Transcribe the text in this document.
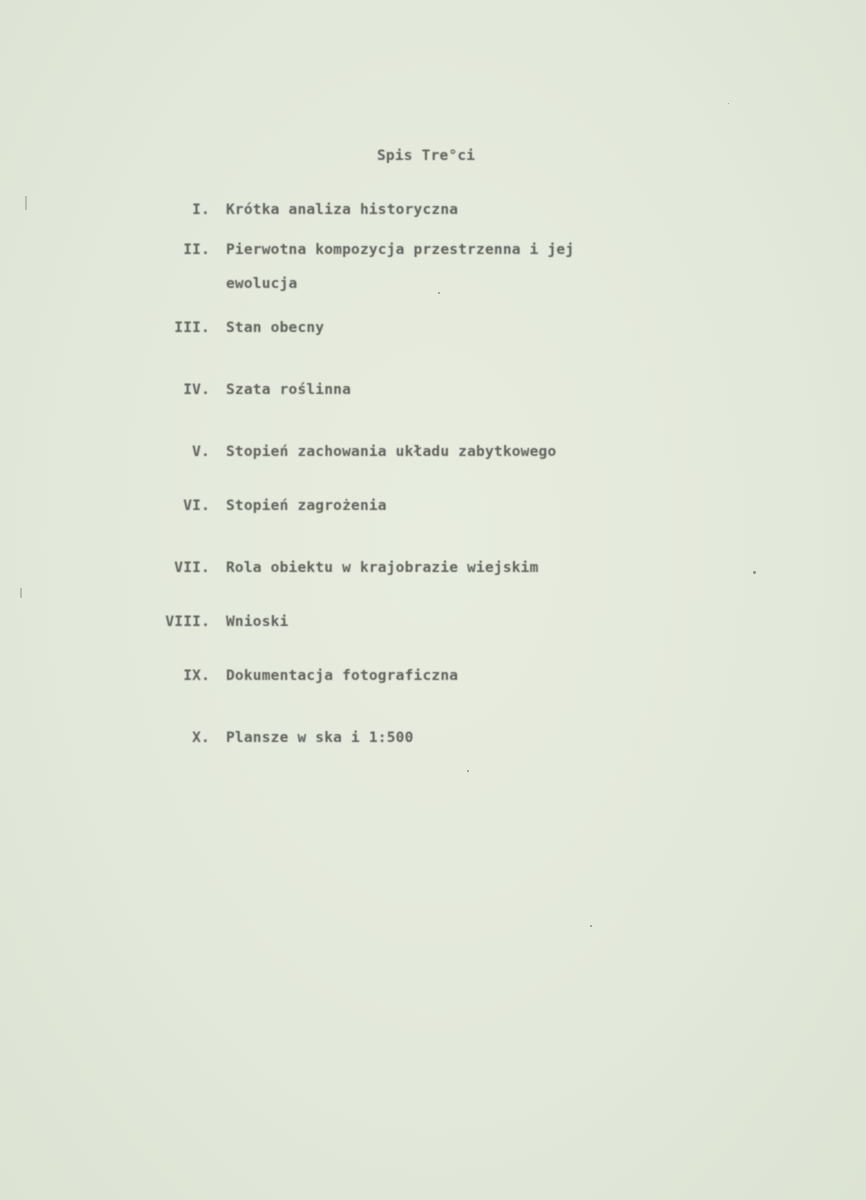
Spis Tre°ci
I. Krótka analiza historyczna
II. Pierwotna kompozycja przestrzenna i jej
ewolucja
III. Stan obecny
IV. Szata roślinna
V. Stopień zachowania układu zabytkowego
VI. Stopień zagrożenia
VII. Rola obiektu w krajobrazie wiejskim
VIII. Wnioski
IX. Dokumentacja fotograficzna
X. Plansze w ska i 1:500
